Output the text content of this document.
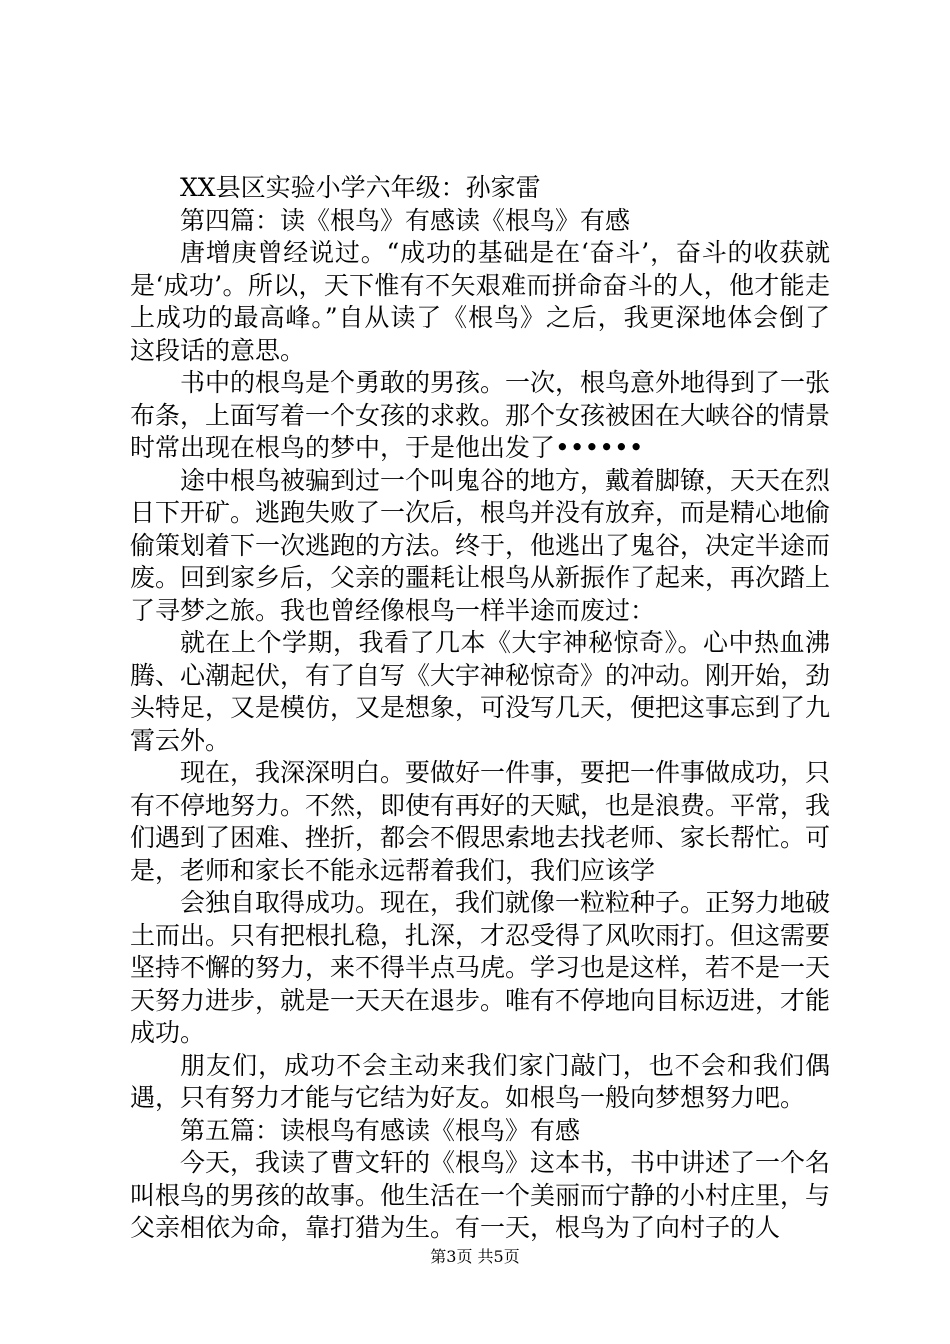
XX县区实验小学六年级：孙家雷

第四篇：读《根鸟》有感读《根鸟》有感

唐增庚曾经说过。“成功的基础是在‘奋斗’，奋斗的收获就是‘成功’。所以，天下惟有不矢艰难而拼命奋斗的人，他才能走上成功的最高峰。”自从读了《根鸟》之后，我更深地体会倒了这段话的意思。

书中的根鸟是个勇敢的男孩。一次，根鸟意外地得到了一张布条，上面写着一个女孩的求救。那个女孩被困在大峡谷的情景时常出现在根鸟的梦中，于是他出发了••••••

途中根鸟被骗到过一个叫鬼谷的地方，戴着脚镣，天天在烈日下开矿。逃跑失败了一次后，根鸟并没有放弃，而是精心地偷偷策划着下一次逃跑的方法。终于，他逃出了鬼谷，决定半途而废。回到家乡后，父亲的噩耗让根鸟从新振作了起来，再次踏上了寻梦之旅。我也曾经像根鸟一样半途而废过：

就在上个学期，我看了几本《大宇神秘惊奇》。心中热血沸腾、心潮起伏，有了自写《大宇神秘惊奇》的冲动。刚开始，劲头特足，又是模仿，又是想象，可没写几天，便把这事忘到了九霄云外。

现在，我深深明白。要做好一件事，要把一件事做成功，只有不停地努力。不然，即使有再好的天赋，也是浪费。平常，我们遇到了困难、挫折，都会不假思索地去找老师、家长帮忙。可是，老师和家长不能永远帮着我们，我们应该学

会独自取得成功。现在，我们就像一粒粒种子。正努力地破土而出。只有把根扎稳，扎深，才忍受得了风吹雨打。但这需要坚持不懈的努力，来不得半点马虎。学习也是这样，若不是一天天努力进步，就是一天天在退步。唯有不停地向目标迈进，才能成功。

朋友们，成功不会主动来我们家门敲门，也不会和我们偶遇，只有努力才能与它结为好友。如根鸟一般向梦想努力吧。

第五篇：读根鸟有感读《根鸟》有感

今天，我读了曹文轩的《根鸟》这本书，书中讲述了一个名叫根鸟的男孩的故事。他生活在一个美丽而宁静的小村庄里，与父亲相依为命，靠打猎为生。有一天，根鸟为了向村子的人

第3页 共5页
